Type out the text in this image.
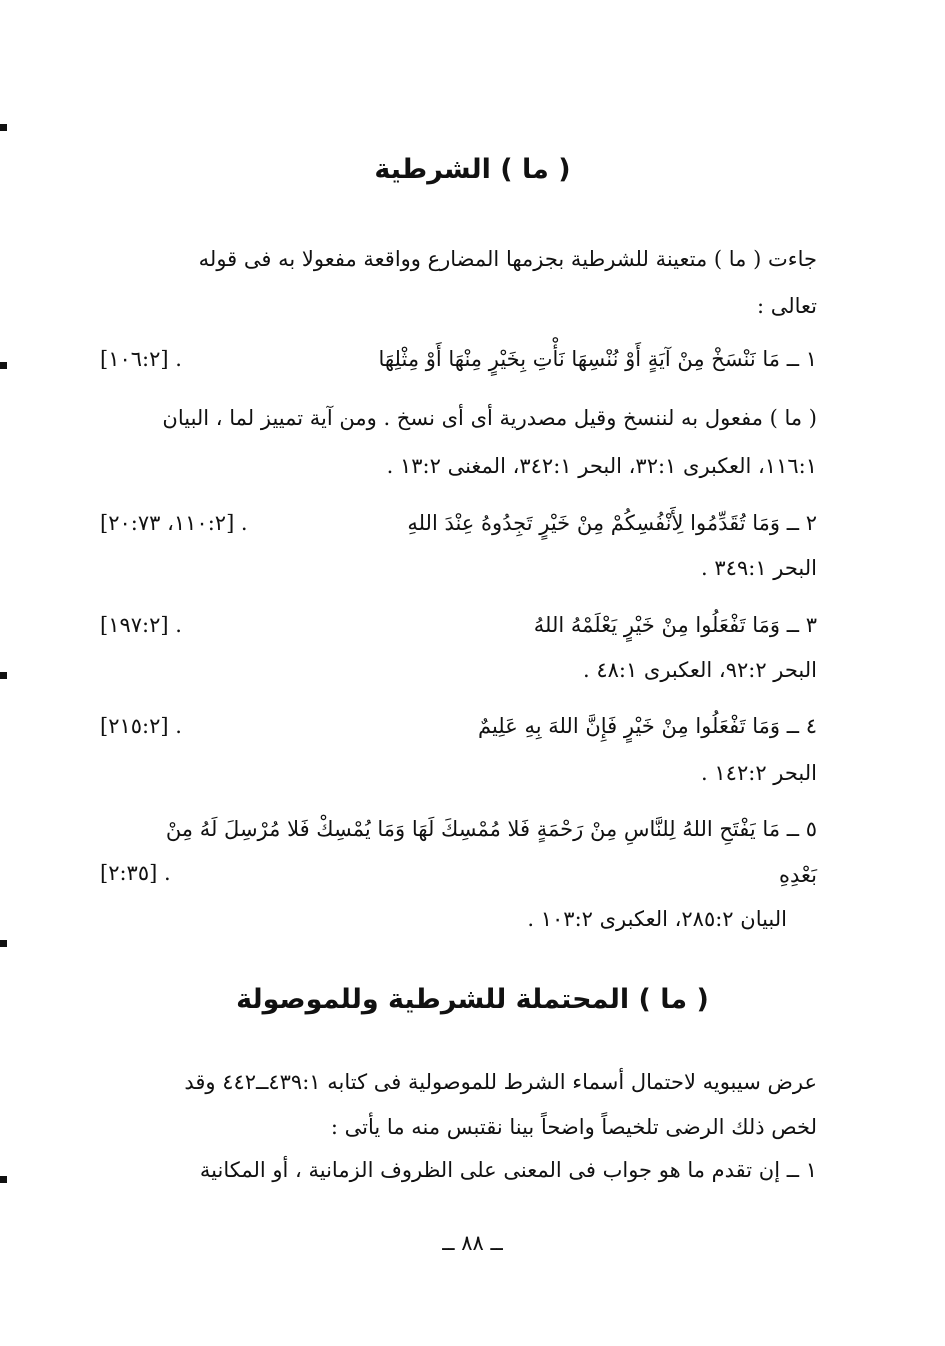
( ما ) الشرطية
جاءت ( ما ) متعينة للشرطية بجزمها المضارع وواقعة مفعولا به فى قوله
تعالى :
١ ــ مَا نَنْسَخْ مِنْ آيَةٍ أَوْ نُنْسِهَا نَأْتِ بِخَيْرٍ مِنْهَا أَوْ مِثْلِهَا
[١٠٦:٢] .
( ما ) مفعول به لننسخ وقيل مصدرية أى أى نسخ . ومن آية تمييز لما ، البيان
١١٦:١، العكبرى ٣٢:١، البحر ٣٤٢:١، المغنى ١٣:٢ .
٢ ــ وَمَا تُقَدِّمُوا لِأَنْفُسِكُمْ مِنْ خَيْرٍ تَجِدُوهُ عِنْدَ اللهِ
[١١٠:٢، ٢٠:٧٣] .
البحر ٣٤٩:١ .
٣ ــ وَمَا تَفْعَلُوا مِنْ خَيْرٍ يَعْلَمْهُ اللهُ
[١٩٧:٢] .
البحر ٩٢:٢، العكبرى ٤٨:١ .
٤ ــ وَمَا تَفْعَلُوا مِنْ خَيْرٍ فَإِنَّ اللهَ بِهِ عَلِيمٌ
[٢١٥:٢] .
البحر ١٤٢:٢ .
٥ ــ مَا يَفْتَحِ اللهُ لِلنَّاسِ مِنْ رَحْمَةٍ فَلا مُمْسِكَ لَهَا وَمَا يُمْسِكْ فَلا مُرْسِلَ لَهُ مِنْ
بَعْدِهِ
[٢:٣٥] .
البيان ٢٨٥:٢، العكبرى ١٠٣:٢ .
( ما ) المحتملة للشرطية وللموصولة
عرض سيبويه لاحتمال أسماء الشرط للموصولية فى كتابه ٤٣٩:١ــ٤٤٢ وقد
لخص ذلك الرضى تلخيصاً واضحاً بينا نقتبس منه ما يأتى :
١ ــ إن تقدم ما هو جواب فى المعنى على الظروف الزمانية ، أو المكانية
ــ ٨٨ ــ
